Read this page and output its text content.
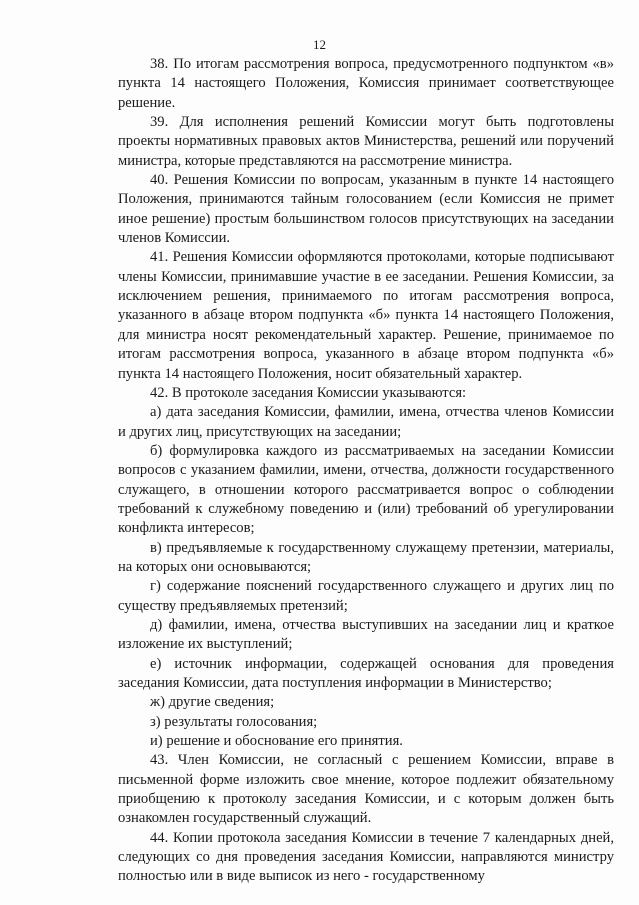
12

38. По итогам рассмотрения вопроса, предусмотренного подпунктом «в» пункта 14 настоящего Положения, Комиссия принимает соответствующее решение.

39. Для исполнения решений Комиссии могут быть подготовлены проекты нормативных правовых актов Министерства, решений или поручений министра, которые представляются на рассмотрение министра.

40. Решения Комиссии по вопросам, указанным в пункте 14 настоящего Положения, принимаются тайным голосованием (если Комиссия не примет иное решение) простым большинством голосов присутствующих на заседании членов Комиссии.

41. Решения Комиссии оформляются протоколами, которые подписывают члены Комиссии, принимавшие участие в ее заседании. Решения Комиссии, за исключением решения, принимаемого по итогам рассмотрения вопроса, указанного в абзаце втором подпункта «б» пункта 14 настоящего Положения, для министра носят рекомендательный характер. Решение, принимаемое по итогам рассмотрения вопроса, указанного в абзаце втором подпункта «б» пункта 14 настоящего Положения, носит обязательный характер.

42. В протоколе заседания Комиссии указываются:

а) дата заседания Комиссии, фамилии, имена, отчества членов Комиссии и других лиц, присутствующих на заседании;

б) формулировка каждого из рассматриваемых на заседании Комиссии вопросов с указанием фамилии, имени, отчества, должности государственного служащего, в отношении которого рассматривается вопрос о соблюдении требований к служебному поведению и (или) требований об урегулировании конфликта интересов;

в) предъявляемые к государственному служащему претензии, материалы, на которых они основываются;

г) содержание пояснений государственного служащего и других лиц по существу предъявляемых претензий;

д) фамилии, имена, отчества выступивших на заседании лиц и краткое изложение их выступлений;

е) источник информации, содержащей основания для проведения заседания Комиссии, дата поступления информации в Министерство;

ж) другие сведения;

з) результаты голосования;

и) решение и обоснование его принятия.

43. Член Комиссии, не согласный с решением Комиссии, вправе в письменной форме изложить свое мнение, которое подлежит обязательному приобщению к протоколу заседания Комиссии, и с которым должен быть ознакомлен государственный служащий.

44. Копии протокола заседания Комиссии в течение 7 календарных дней, следующих со дня проведения заседания Комиссии, направляются министру полностью или в виде выписок из него - государственному
